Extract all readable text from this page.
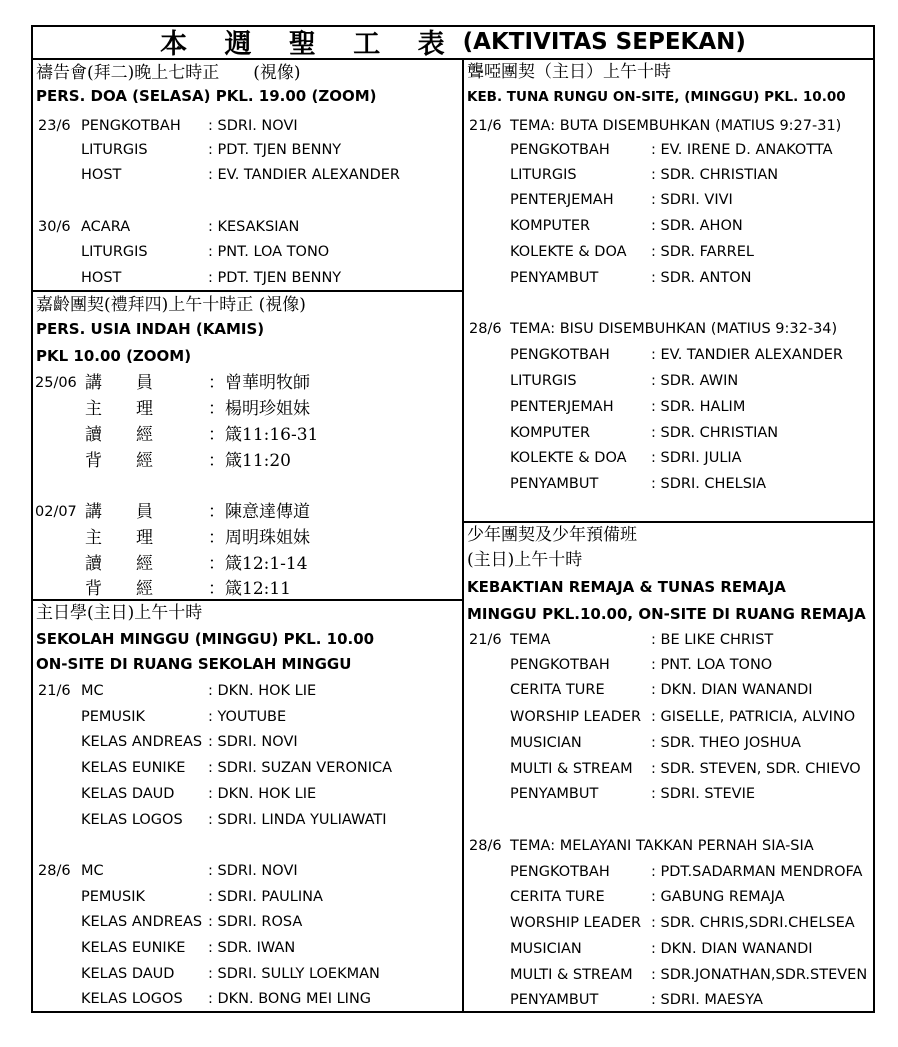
本 週 聖 工 表 (AKTIVITAS SEPEKAN)
禱告會(拜二)晚上七時正　　(視像)
PERS. DOA (SELASA) PKL. 19.00 (ZOOM)
23/6 PENGKOTBAH : SDRI. NOVI
LITURGIS	: PDT. TJEN BENNY
HOST	: EV. TANDIER ALEXANDER
30/6 ACARA	: KESAKSIAN
LITURGIS	: PNT. LOA TONO
HOST	: PDT. TJEN BENNY
嘉齡團契(禮拜四)上午十時正 (視像)
PERS. USIA INDAH (KAMIS)
PKL 10.00 (ZOOM)
25/06 講　　員	：曾華明牧師
主　　理	：楊明珍姐妹
讀　　經	：箴11:16-31
背　　經	：箴11:20
02/07 講　　員	：陳意達傳道
主　　理	：周明珠姐妹
讀　　經	：箴12:1-14
背　　經	：箴12:11
主日學(主日)上午十時
SEKOLAH MINGGU (MINGGU) PKL. 10.00
ON-SITE DI RUANG SEKOLAH MINGGU
21/6 MC	: DKN. HOK LIE
PEMUSIK	: YOUTUBE
KELAS ANDREAS : SDRI. NOVI
KELAS EUNIKE : SDRI. SUZAN VERONICA
KELAS DAUD : DKN. HOK LIE
KELAS LOGOS : SDRI. LINDA YULIAWATI
28/6 MC	: SDRI. NOVI
PEMUSIK	: SDRI. PAULINA
KELAS ANDREAS : SDRI. ROSA
KELAS EUNIKE : SDR. IWAN
KELAS DAUD : SDRI. SULLY LOEKMAN
KELAS LOGOS : DKN. BONG MEI LING
聾啞團契（主日）上午十時
KEB. TUNA RUNGU ON-SITE, (MINGGU) PKL. 10.00
21/6 TEMA: BUTA DISEMBUHKAN (MATIUS 9:27-31)
PENGKOTBAH	: EV. IRENE D. ANAKOTTA
LITURGIS	: SDR. CHRISTIAN
PENTERJEMAH	: SDRI. VIVI
KOMPUTER	: SDR. AHON
KOLEKTE & DOA : SDR. FARREL
PENYAMBUT	: SDR. ANTON
28/6 TEMA: BISU DISEMBUHKAN (MATIUS 9:32-34)
PENGKOTBAH	: EV. TANDIER ALEXANDER
LITURGIS	: SDR. AWIN
PENTERJEMAH	: SDR. HALIM
KOMPUTER	: SDR. CHRISTIAN
KOLEKTE & DOA : SDRI. JULIA
PENYAMBUT	: SDRI. CHELSIA
少年團契及少年預備班
(主日)上午十時
KEBAKTIAN REMAJA & TUNAS REMAJA
MINGGU PKL.10.00, ON-SITE DI RUANG REMAJA
21/6 TEMA	: BE LIKE CHRIST
PENGKOTBAH	: PNT. LOA TONO
CERITA TURE	: DKN. DIAN WANANDI
WORSHIP LEADER : GISELLE, PATRICIA, ALVINO
MUSICIAN	: SDR. THEO JOSHUA
MULTI & STREAM : SDR. STEVEN, SDR. CHIEVO
PENYAMBUT	: SDRI. STEVIE
28/6 TEMA: MELAYANI TAKKAN PERNAH SIA-SIA
PENGKOTBAH	: PDT.SADARMAN MENDROFA
CERITA TURE	: GABUNG REMAJA
WORSHIP LEADER : SDR. CHRIS,SDRI.CHELSEA
MUSICIAN	: DKN. DIAN WANANDI
MULTI & STREAM : SDR.JONATHAN,SDR.STEVEN
PENYAMBUT	: SDRI. MAESYA
